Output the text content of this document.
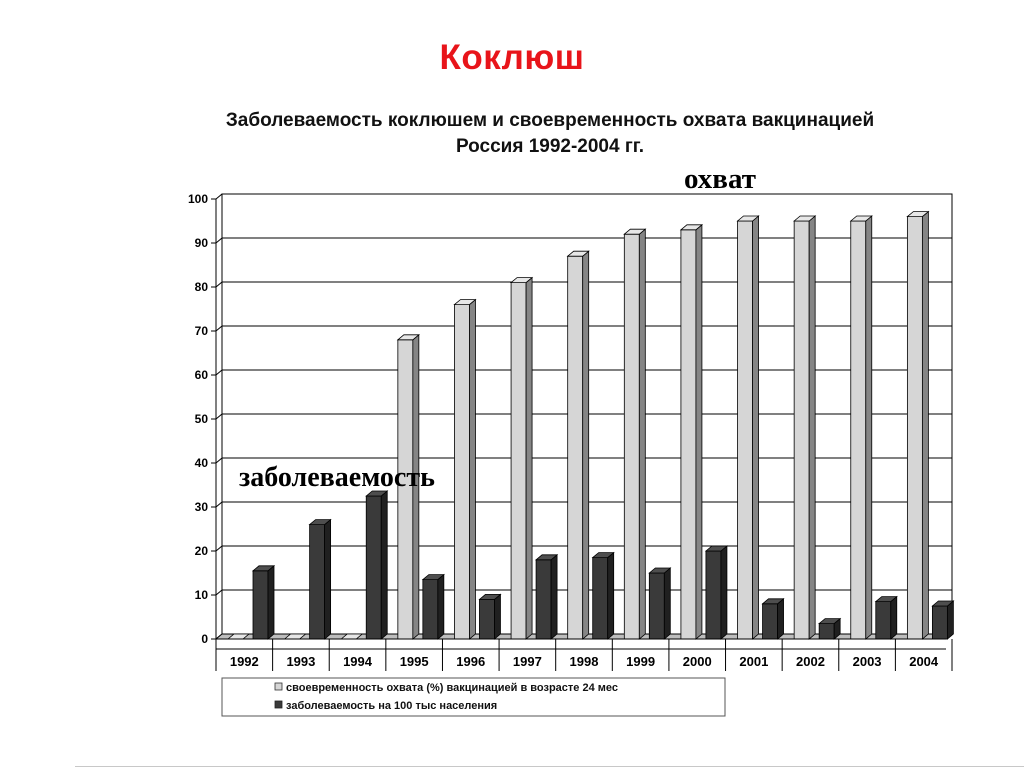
Коклюш
Заболеваемость коклюшем и своевременность охвата вакцинацией
Россия 1992-2004 гг.
0
10
20
30
40
50
60
70
80
90
100
1992 1993 1994 1995 1996 1997 1998 1999 2000 2001 2002 2003 2004
своевременность охвата (%) вакцинацией в возрасте 24 мес
заболеваемость на 100 тыс населения
охват
заболеваемость
